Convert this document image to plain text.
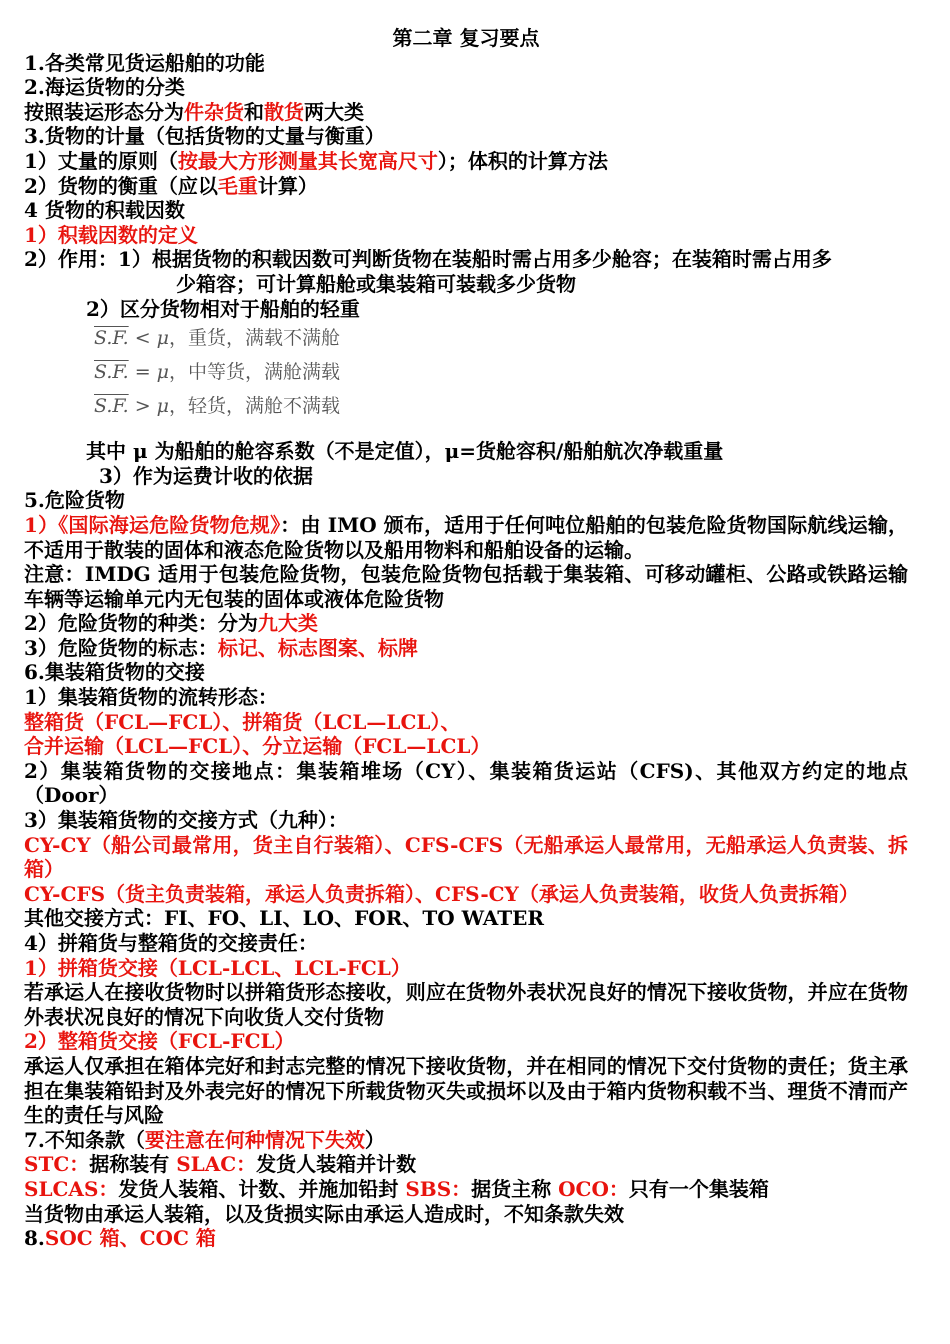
第二章 复习要点
1.各类常见货运船舶的功能
2.海运货物的分类
按照装运形态分为件杂货和散货两大类
3.货物的计量（包括货物的丈量与衡重）
1）丈量的原则（按最大方形测量其长宽高尺寸）；体积的计算方法
2）货物的衡重（应以毛重计算）
4 货物的积载因数
1）积载因数的定义
2）作用：1）根据货物的积载因数可判断货物在装船时需占用多少舱容；在装箱时需占用多
少箱容；可计算船舱或集装箱可装载多少货物
2）区分货物相对于船舶的轻重
S.F. < μ，重货，满载不满舱
S.F. = μ，中等货，满舱满载
S.F. > μ，轻货，满舱不满载
其中 μ 为船舶的舱容系数（不是定值），μ=货舱容积/船舶航次净载重量
3）作为运费计收的依据
5.危险货物
1）《国际海运危险货物危规》：由 IMO 颁布，适用于任何吨位船舶的包装危险货物国际航线运输，不适用于散装的固体和液态危险货物以及船用物料和船舶设备的运输。
注意：IMDG 适用于包装危险货物，包装危险货物包括载于集装箱、可移动罐柜、公路或铁路运输车辆等运输单元内无包装的固体或液体危险货物
2）危险货物的种类：分为九大类
3）危险货物的标志：标记、标志图案、标牌
6.集装箱货物的交接
1）集装箱货物的流转形态：
整箱货（FCL—FCL）、拼箱货（LCL—LCL）、
合并运输（LCL—FCL）、分立运输（FCL—LCL）
2）集装箱货物的交接地点：集装箱堆场（CY）、集装箱货运站（CFS)、其他双方约定的地点（Door）
3）集装箱货物的交接方式（九种）：
CY-CY（船公司最常用，货主自行装箱）、CFS-CFS（无船承运人最常用，无船承运人负责装、拆箱）
CY-CFS（货主负责装箱，承运人负责拆箱）、CFS-CY（承运人负责装箱，收货人负责拆箱）
其他交接方式：FI、FO、LI、LO、FOR、TO WATER
4）拼箱货与整箱货的交接责任：
1）拼箱货交接（LCL-LCL、LCL-FCL）
若承运人在接收货物时以拼箱货形态接收，则应在货物外表状况良好的情况下接收货物，并应在货物外表状况良好的情况下向收货人交付货物
2）整箱货交接（FCL-FCL）
承运人仅承担在箱体完好和封志完整的情况下接收货物，并在相同的情况下交付货物的责任；货主承担在集装箱铅封及外表完好的情况下所载货物灭失或损坏以及由于箱内货物积载不当、理货不清而产生的责任与风险
7.不知条款（要注意在何种情况下失效）
STC：据称装有 SLAC：发货人装箱并计数
SLCAS：发货人装箱、计数、并施加铅封 SBS：据货主称 OCO：只有一个集装箱
当货物由承运人装箱，以及货损实际由承运人造成时，不知条款失效
8.SOC 箱、COC 箱
